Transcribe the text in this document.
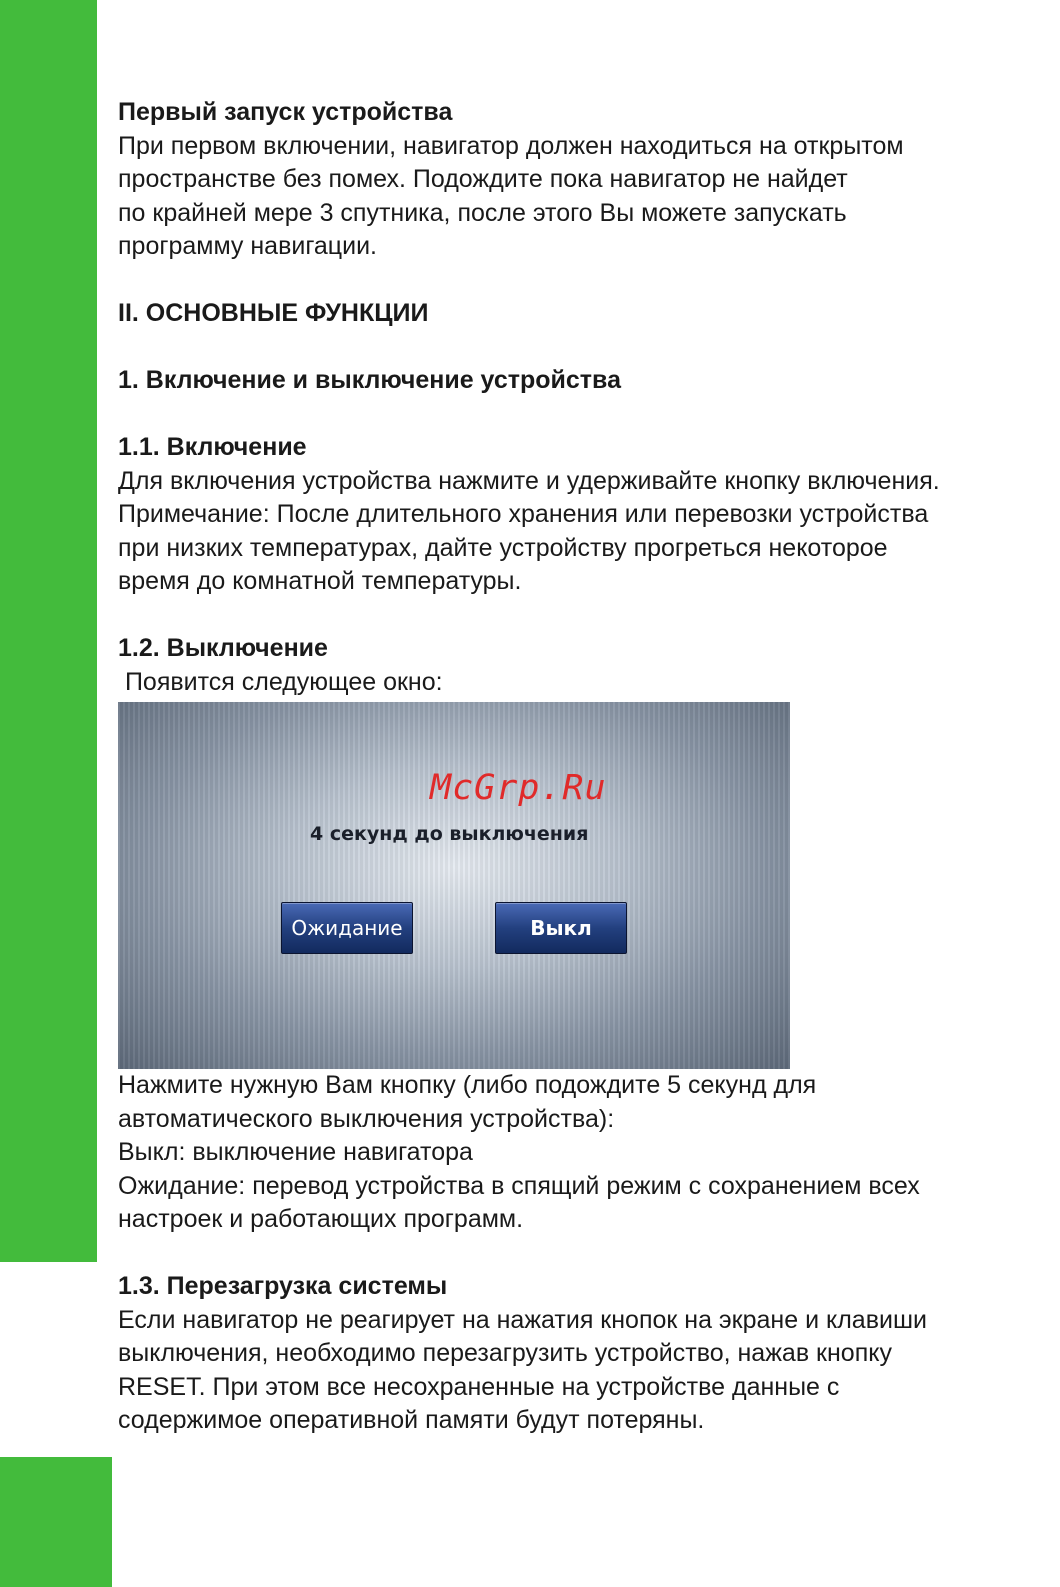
Первый запуск устройства

При первом включении, навигатор должен находиться на открытом
пространстве без помех. Подождите пока навигатор не найдет
по крайней мере 3 спутника, после этого Вы можете запускать
программу навигации.

II. ОСНОВНЫЕ ФУНКЦИИ

1. Включение и выключение устройства

1.1. Включение

Для включения устройства нажмите и удерживайте кнопку включения.
Примечание: После длительного хранения или перевозки устройства
при низких температурах, дайте устройству прогреться некоторое
время до комнатной температуры.

1.2. Выключение

Появится следующее окно:

McGrp.Ru
4 секунд до выключения
Ожидание	Выкл

Нажмите нужную Вам кнопку (либо подождите 5 секунд для
автоматического выключения устройства):
Выкл: выключение навигатора
Ожидание: перевод устройства в спящий режим с сохранением всех
настроек и работающих программ.

1.3. Перезагрузка системы

Если навигатор не реагирует на нажатия кнопок на экране и клавиши
выключения, необходимо перезагрузить устройство, нажав кнопку
RESET. При этом все несохраненные на устройстве данные с
содержимое оперативной памяти будут потеряны.
